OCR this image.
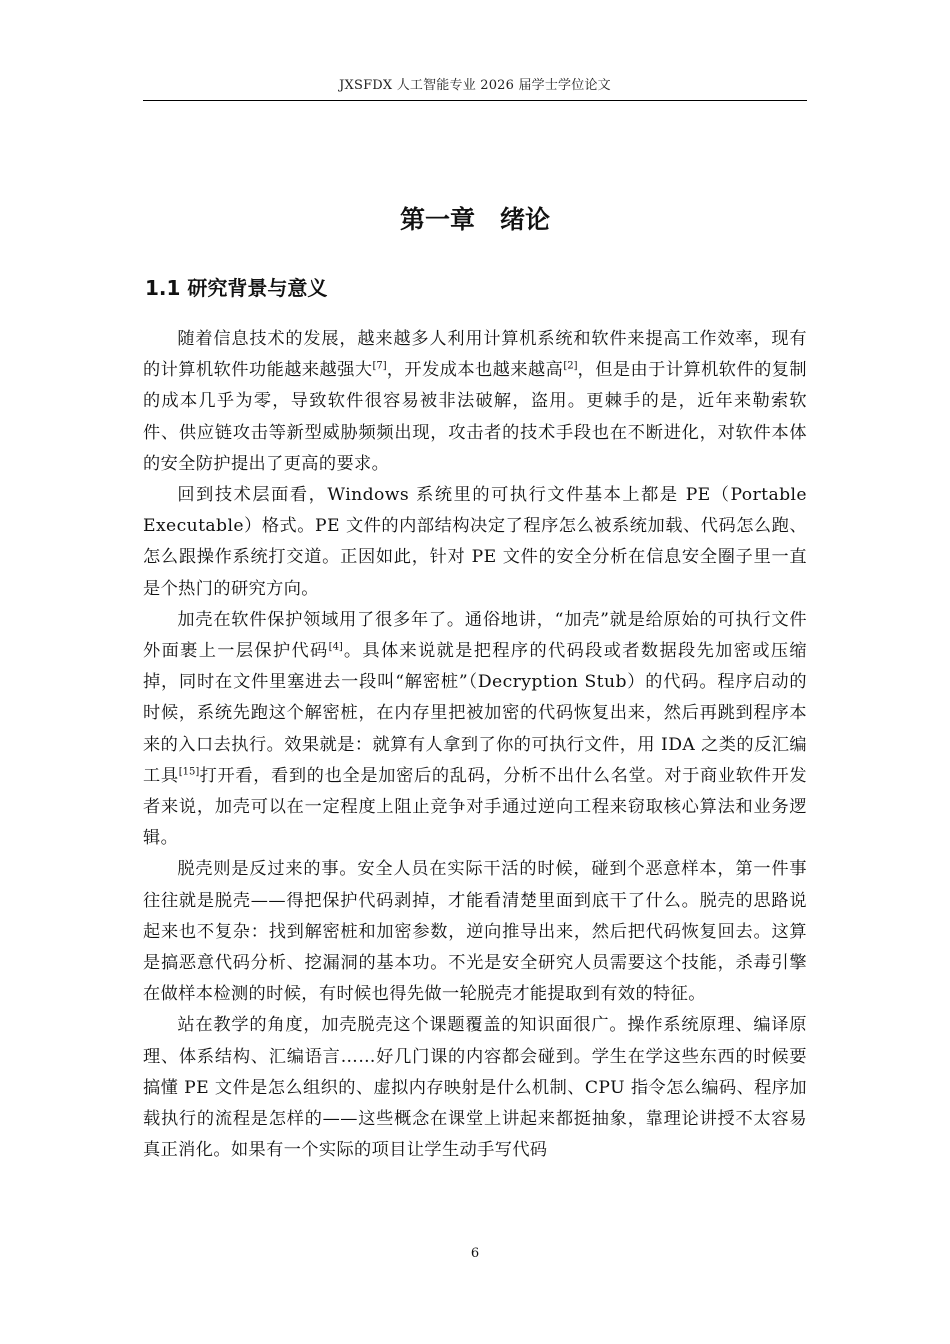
JXSFDX 人工智能专业 2026 届学士学位论文
第一章　绪论
1.1 研究背景与意义

随着信息技术的发展，越来越多人利用计算机系统和软件来提高工作效率，现有的计算机软件功能越来越强大[7]，开发成本也越来越高[2]，但是由于计算机软件的复制的成本几乎为零，导致软件很容易被非法破解，盗用。更棘手的是，近年来勒索软件、供应链攻击等新型威胁频频出现，攻击者的技术手段也在不断进化，对软件本体的安全防护提出了更高的要求。

回到技术层面看，Windows 系统里的可执行文件基本上都是 PE（Portable Executable）格式。PE 文件的内部结构决定了程序怎么被系统加载、代码怎么跑、怎么跟操作系统打交道。正因如此，针对 PE 文件的安全分析在信息安全圈子里一直是个热门的研究方向。

加壳在软件保护领域用了很多年了。通俗地讲，“加壳”就是给原始的可执行文件外面裹上一层保护代码[4]。具体来说就是把程序的代码段或者数据段先加密或压缩掉，同时在文件里塞进去一段叫“解密桩”（Decryption Stub）的代码。程序启动的时候，系统先跑这个解密桩，在内存里把被加密的代码恢复出来，然后再跳到程序本来的入口去执行。效果就是：就算有人拿到了你的可执行文件，用 IDA 之类的反汇编工具[15]打开看，看到的也全是加密后的乱码，分析不出什么名堂。对于商业软件开发者来说，加壳可以在一定程度上阻止竞争对手通过逆向工程来窃取核心算法和业务逻辑。

脱壳则是反过来的事。安全人员在实际干活的时候，碰到个恶意样本，第一件事往往就是脱壳——得把保护代码剥掉，才能看清楚里面到底干了什么。脱壳的思路说起来也不复杂：找到解密桩和加密参数，逆向推导出来，然后把代码恢复回去。这算是搞恶意代码分析、挖漏洞的基本功。不光是安全研究人员需要这个技能，杀毒引擎在做样本检测的时候，有时候也得先做一轮脱壳才能提取到有效的特征。

站在教学的角度，加壳脱壳这个课题覆盖的知识面很广。操作系统原理、编译原理、体系结构、汇编语言……好几门课的内容都会碰到。学生在学这些东西的时候要搞懂 PE 文件是怎么组织的、虚拟内存映射是什么机制、CPU 指令怎么编码、程序加载执行的流程是怎样的——这些概念在课堂上讲起来都挺抽象，靠理论讲授不太容易真正消化。如果有一个实际的项目让学生动手写代码

6
